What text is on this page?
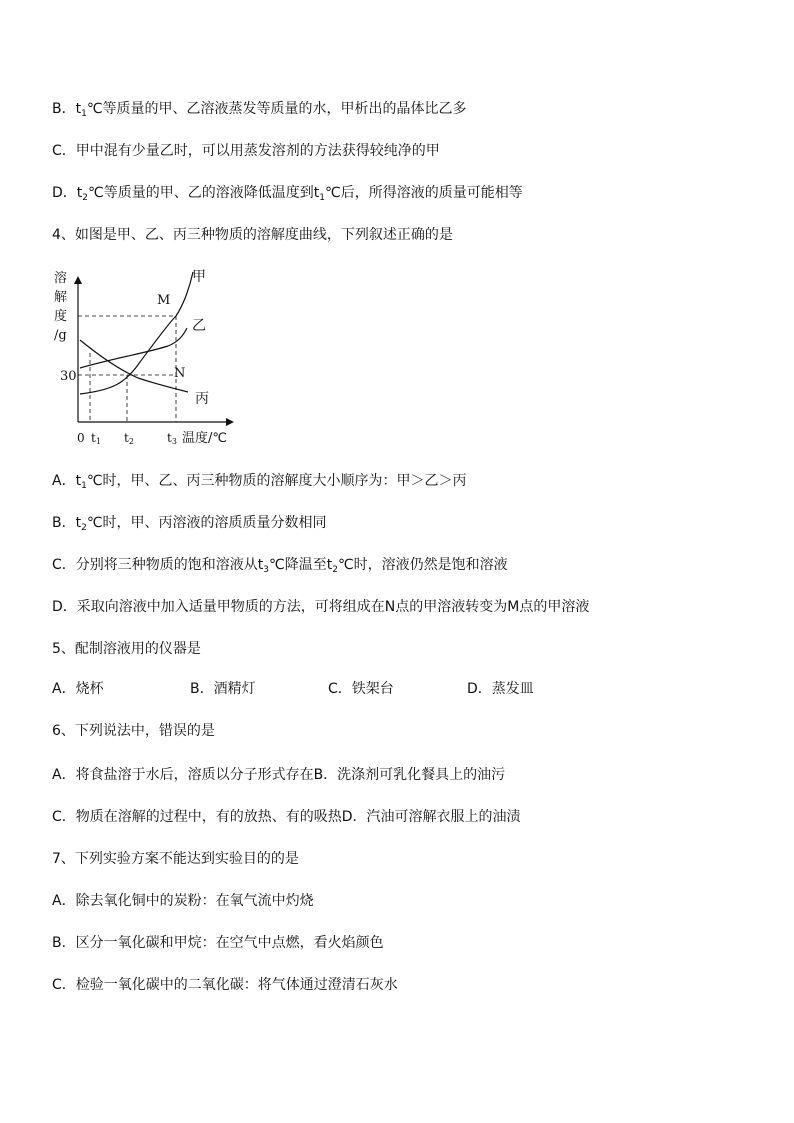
B．$t_1℃$等质量的甲、乙溶液蒸发等质量的水，甲析出的晶体比乙多
C．甲中混有少量乙时，可以用蒸发溶剂的方法获得较纯净的甲
D．$t_2℃$等质量的甲、乙的溶液降低温度到$t_1℃$后，所得溶液的质量可能相等
4、如图是甲、乙、丙三种物质的溶解度曲线，下列叙述正确的是
甲
乙
丙
M
N
溶
解
度
/g
30
0 t1 t2	t3 温度/℃
A．$t_1℃$时，甲、乙、丙三种物质的溶解度大小顺序为：甲＞乙＞丙
B．$t_2℃$时，甲、丙溶液的溶质质量分数相同
C．分别将三种物质的饱和溶液从$t_3℃$降温至$t_2℃$时，溶液仍然是饱和溶液
D．采取向溶液中加入适量甲物质的方法，可将组成在N点的甲溶液转变为M点的甲溶液
5、配制溶液用的仪器是
A．烧杯	B．酒精灯	C．铁架台	D．蒸发皿
6、下列说法中，错误的是
A．将食盐溶于水后，溶质以分子形式存在B．洗涤剂可乳化餐具上的油污
C．物质在溶解的过程中，有的放热、有的吸热D．汽油可溶解衣服上的油渍
7、下列实验方案不能达到实验目的的是
A．除去氧化铜中的炭粉：在氧气流中灼烧
B．区分一氧化碳和甲烷：在空气中点燃，看火焰颜色
C．检验一氧化碳中的二氧化碳：将气体通过澄清石灰水
